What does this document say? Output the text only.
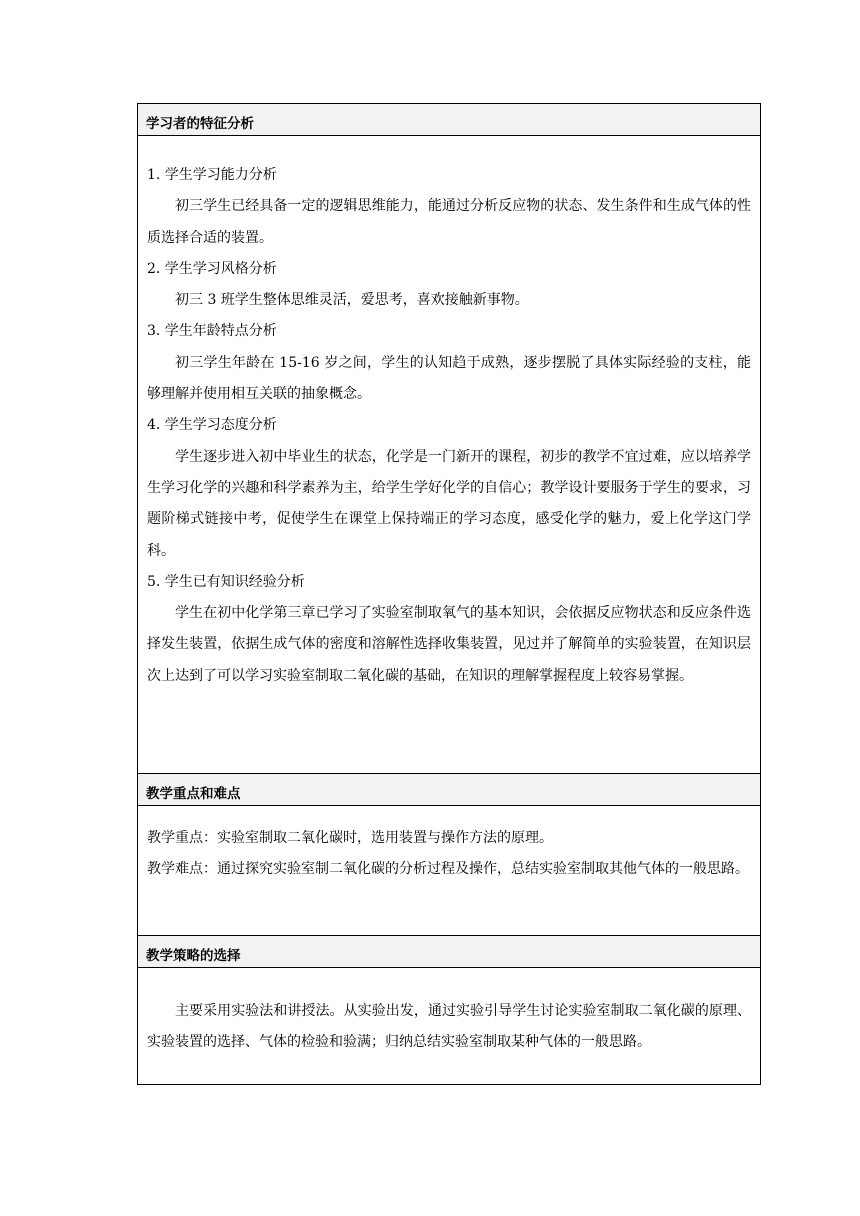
学习者的特征分析

1. 学生学习能力分析

初三学生已经具备一定的逻辑思维能力，能通过分析反应物的状态、发生条件和生成气体的性质选择合适的装置。

2. 学生学习风格分析

初三 3 班学生整体思维灵活，爱思考，喜欢接触新事物。

3. 学生年龄特点分析

初三学生年龄在 15-16 岁之间，学生的认知趋于成熟，逐步摆脱了具体实际经验的支柱，能够理解并使用相互关联的抽象概念。

4. 学生学习态度分析

学生逐步进入初中毕业生的状态，化学是一门新开的课程，初步的教学不宜过难，应以培养学生学习化学的兴趣和科学素养为主，给学生学好化学的自信心；教学设计要服务于学生的要求，习题阶梯式链接中考，促使学生在课堂上保持端正的学习态度，感受化学的魅力，爱上化学这门学科。

5. 学生已有知识经验分析

学生在初中化学第三章已学习了实验室制取氧气的基本知识，会依据反应物状态和反应条件选择发生装置，依据生成气体的密度和溶解性选择收集装置，见过并了解简单的实验装置，在知识层次上达到了可以学习实验室制取二氧化碳的基础，在知识的理解掌握程度上较容易掌握。

教学重点和难点

教学重点：实验室制取二氧化碳时，选用装置与操作方法的原理。

教学难点：通过探究实验室制二氧化碳的分析过程及操作，总结实验室制取其他气体的一般思路。

教学策略的选择

主要采用实验法和讲授法。从实验出发，通过实验引导学生讨论实验室制取二氧化碳的原理、实验装置的选择、气体的检验和验满；归纳总结实验室制取某种气体的一般思路。
